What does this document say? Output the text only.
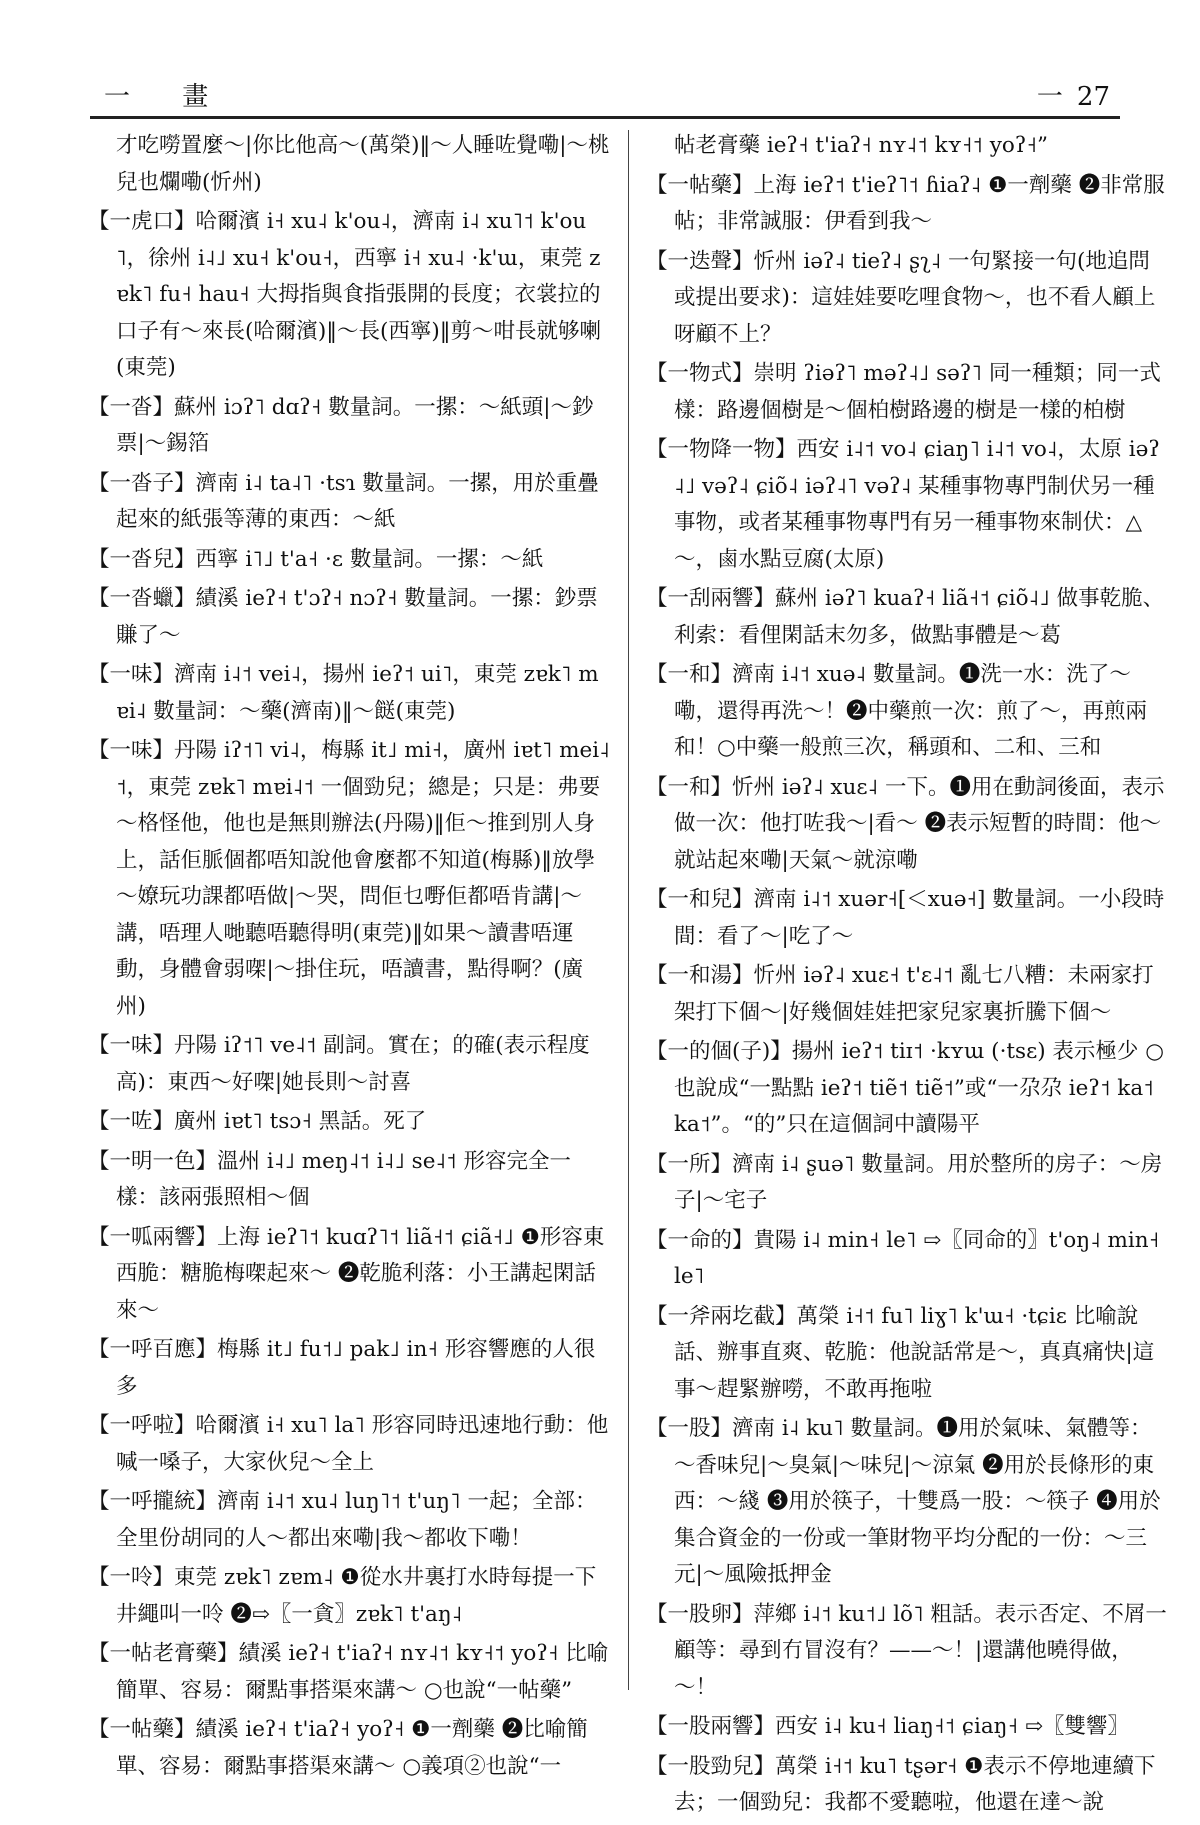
一 畫	一 27

才吃嘮置麼～|你比他高～(萬榮)‖～人睡咗覺嘞|～桃兒也爛嘞(忻州)

【一虎口】哈爾濱 i˧ xu˨ k'ou˨，濟南 i˨ xu˥˦ k'ou˥，徐州 i˨˩ xu˧ k'ou˧，西寧 i˧ xu˨ ·k'ɯ，東莞 zɐk˥ fu˧ hau˧ 大拇指與食指張開的長度；衣裳拉的口子有～來長(哈爾濱)‖～長(西寧)‖剪～咁長就够喇(東莞)

【一沓】蘇州 iɔʔ˥ dɑʔ˧ 數量詞。一摞：～紙頭|～鈔票|～錫箔

【一沓子】濟南 i˨ ta˨˥ ·tsɿ 數量詞。一摞，用於重疊起來的紙張等薄的東西：～紙

【一沓兒】西寧 i˥˩ t'a˧ ·ɛ 數量詞。一摞：～紙

【一沓蠟】績溪 ieʔ˧ t'ɔʔ˧ nɔʔ˧ 數量詞。一摞：鈔票賺了～

【一味】濟南 i˨˦ vei˨，揚州 ieʔ˦ ui˥，東莞 zɐk˥ mɐi˨ 數量詞：～藥(濟南)‖～餸(東莞)

【一味】丹陽 iʔ˦˥ vi˨，梅縣 it˩ mi˧，廣州 iɐt˥ mei˨˦，東莞 zɐk˥ mɐi˨˦ 一個勁兒；總是；只是：弗要～格怪他，他也是無則辦法(丹陽)‖佢～推到別人身上，話佢脈個都唔知說他會麼都不知道(梅縣)‖放學～嫽玩功課都唔做|～哭，問佢乜嘢佢都唔肯講|～講，唔理人哋聽唔聽得明(東莞)‖如果～讀書唔運動，身體會弱㗎|～掛住玩，唔讀書，點得啊？(廣州)

【一味】丹陽 iʔ˦˥ ve˨˦ 副詞。實在；的確(表示程度高)：東西～好㗎|她長則～討喜

【一咗】廣州 iɐt˥ tsɔ˧ 黑話。死了

【一明一色】溫州 i˨˩ meŋ˨˦ i˨˩ se˨˦ 形容完全一樣：該兩張照相～個

【一呱兩響】上海 ieʔ˥˦ kuɑʔ˥˦ liã˧˦ ɕiã˧˩ ❶形容東西脆：糖脆梅㗎起來～ ❷乾脆利落：小王講起閑話來～

【一呼百應】梅縣 it˩ fu˦˩ pak˩ in˧ 形容響應的人很多

【一呼啦】哈爾濱 i˧ xu˥ la˥ 形容同時迅速地行動：他喊一嗓子，大家伙兒～全上

【一呼攏統】濟南 i˨˦ xu˨ luŋ˥˦ t'uŋ˥ 一起；全部：全里份胡同的人～都出來嘞|我～都收下嘞！

【一呤】東莞 zɐk˥ zɐm˨ ❶從水井裏打水時每提一下井繩叫一呤 ❷⇨〖一貪〗zɐk˥ t'aŋ˨

【一帖老膏藥】績溪 ieʔ˧ t'iaʔ˧ nʏ˨˦ kʏ˧˦ yoʔ˧ 比喻簡單、容易：爾點事搭渠來講～ ○也說“一帖藥”

【一帖藥】績溪 ieʔ˧ t'iaʔ˧ yoʔ˧ ❶一劑藥 ❷比喻簡單、容易：爾點事搭渠來講～ ○義項②也說“一

帖老膏藥 ieʔ˧ t'iaʔ˧ nʏ˨˦ kʏ˧˦ yoʔ˧”

【一帖藥】上海 ieʔ˦ t'ieʔ˥˦ ɦiaʔ˨ ❶一劑藥 ❷非常服帖；非常誠服：伊看到我～

【一迭聲】忻州 iəʔ˨ tieʔ˨ ʂʅ˨ 一句緊接一句(地追問或提出要求)：這娃娃要吃哩食物～，也不看人顧上呀顧不上？

【一物式】崇明 ʔiəʔ˥ məʔ˨˩ səʔ˥ 同一種類；同一式樣：路邊個樹是～個柏樹路邊的樹是一樣的柏樹

【一物降一物】西安 i˨˦ vo˨ ɕiaŋ˥ i˨˦ vo˨，太原 iəʔ˨˩ vəʔ˨ ɕiõ˨ iəʔ˨˥ vəʔ˨ 某種事物專門制伏另一種事物，或者某種事物專門有另一種事物來制伏：△～，鹵水點豆腐(太原)

【一刮兩響】蘇州 iəʔ˥ kuaʔ˧ liã˧˦ ɕiõ˨˩ 做事乾脆、利索：看俚閑話末勿多，做點事體是～葛

【一和】濟南 i˨˦ xuə˨ 數量詞。❶洗一水：洗了～嘞，還得再洗～！❷中藥煎一次：煎了～，再煎兩和！○中藥一般煎三次，稱頭和、二和、三和

【一和】忻州 iəʔ˨ xuɛ˨ 一下。❶用在動詞後面，表示做一次：他打咗我～|看～ ❷表示短暫的時間：他～就站起來嘞|天氣～就涼嘞

【一和兒】濟南 i˨˦ xuər˧[＜xuə˧] 數量詞。一小段時間：看了～|吃了～

【一和湯】忻州 iəʔ˨ xuɛ˧ t'ɛ˨˦ 亂七八糟：未兩家打架打下個～|好幾個娃娃把家兒家裏折騰下個～

【一的個(子)】揚州 ieʔ˦ tiɪ˦ ·kʏɯ (·tsɛ) 表示極少 ○也說成“一點點 ieʔ˦ tiẽ˦ tiẽ˦”或“一尕尕 ieʔ˦ ka˦ ka˦”。“的”只在這個詞中讀陽平

【一所】濟南 i˨ ʂuə˥ 數量詞。用於整所的房子：～房子|～宅子

【一命的】貴陽 i˨ min˧ le˥ ⇨〖同命的〗t'oŋ˨ min˧ le˥

【一斧兩圪截】萬榮 i˧˦ fu˥ liɣ˥ k'ɯ˧ ·tɕiɛ 比喻說話、辦事直爽、乾脆：他說話常是～，真真痛快|這事～趕緊辦嘮，不敢再拖啦

【一股】濟南 i˨ ku˥ 數量詞。❶用於氣味、氣體等：～香味兒|～臭氣|～味兒|～涼氣 ❷用於長條形的東西：～綫 ❸用於筷子，十雙爲一股：～筷子 ❹用於集合資金的一份或一筆財物平均分配的一份：～三元|～風險抵押金

【一股卵】萍鄉 i˨˦ ku˦˩ lõ˥ 粗話。表示否定、不屑一顧等：尋到冇冒沒有？——～！|還講他曉得做，～！

【一股兩響】西安 i˨ ku˧ liaŋ˧˦ ɕiaŋ˧ ⇨〖雙響〗

【一股勁兒】萬榮 i˧˦ ku˥ tʂər˧ ❶表示不停地連續下去；一個勁兒：我都不愛聽啦，他還在達～說
